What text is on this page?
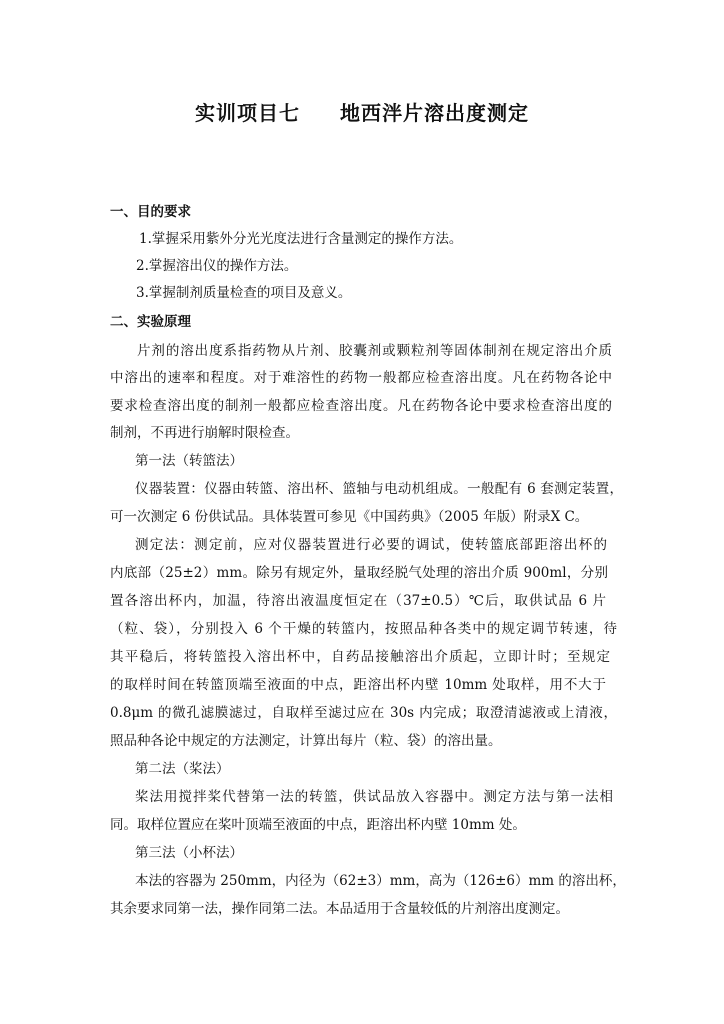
实训项目七 地西泮片溶出度测定
一、目的要求
1.掌握采用紫外分光光度法进行含量测定的操作方法。
2.掌握溶出仪的操作方法。
3.掌握制剂质量检查的项目及意义。
二、实验原理
片剂的溶出度系指药物从片剂、胶囊剂或颗粒剂等固体制剂在规定溶出介质
中溶出的速率和程度。对于难溶性的药物一般都应检查溶出度。凡在药物各论中
要求检查溶出度的制剂一般都应检查溶出度。凡在药物各论中要求检查溶出度的
制剂，不再进行崩解时限检查。
第一法（转篮法）
仪器装置：仪器由转篮、溶出杯、篮轴与电动机组成。一般配有 6 套测定装置，
可一次测定 6 份供试品。具体装置可参见《中国药典》（2005 年版）附录Ⅹ C。
测定法：测定前，应对仪器装置进行必要的调试，使转篮底部距溶出杯的
内底部（25±2）mm。除另有规定外，量取经脱气处理的溶出介质 900ml，分别
置各溶出杯内，加温，待溶出液温度恒定在（37±0.5）℃后，取供试品 6 片
（粒、袋），分别投入 6 个干燥的转篮内，按照品种各类中的规定调节转速，待
其平稳后，将转篮投入溶出杯中，自药品接触溶出介质起，立即计时；至规定
的取样时间在转篮顶端至液面的中点，距溶出杯内壁 10mm 处取样，用不大于
0.8μm 的微孔滤膜滤过，自取样至滤过应在 30s 内完成；取澄清滤液或上清液，
照品种各论中规定的方法测定，计算出每片（粒、袋）的溶出量。
第二法（桨法）
桨法用搅拌桨代替第一法的转篮，供试品放入容器中。测定方法与第一法相
同。取样位置应在桨叶顶端至液面的中点，距溶出杯内壁 10mm 处。
第三法（小杯法）
本法的容器为 250mm，内径为（62±3）mm，高为（126±6）mm 的溶出杯，
其余要求同第一法，操作同第二法。本品适用于含量较低的片剂溶出度测定。
